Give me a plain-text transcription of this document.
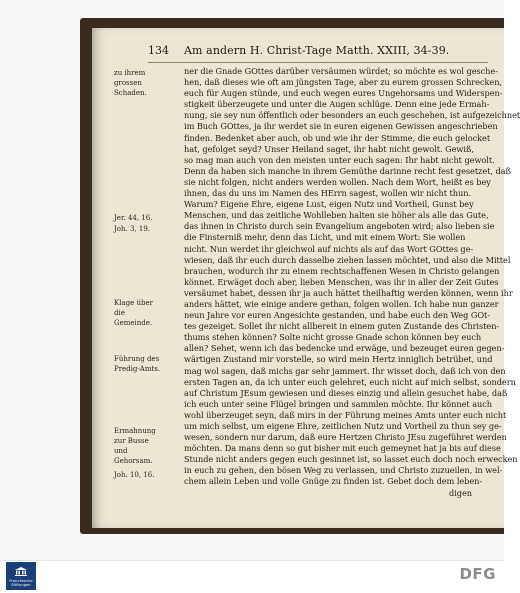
134 Am andern H. Christ-Tage Matth. XXIII, 34-39.
zu ihrem grossen Schaden.
Jer. 44, 16.
Joh. 3, 19.
Klage über die Gemeinde.
Führung des Predig-Amts.
Ermahnung zur Busse und Gehorsam.
Joh. 10, 16.
ner die Gnade GOttes darüber versäumen würdet; so möchte es wol gesche-
hen, daß dieses wie oft am jüngsten Tage, aber zu eurem grossen Schrecken,
euch für Augen stünde, und euch wegen eures Ungehorsams und Widerspen-
stigkeit überzeugete und unter die Augen schlüge. Denn eine jede Ermah-
nung, sie sey nun öffentlich oder besonders an euch geschehen, ist aufgezeichnet
im Buch GOttes, ja ihr werdet sie in euren eigenen Gewissen angeschrieben
finden. Bedenket aber auch, ob und wie ihr der Stimme, die euch gelocket
hat, gefolget seyd? Unser Heiland saget, ihr habt nicht gewolt. Gewiß,
so mag man auch von den meisten unter euch sagen: Ihr habt nicht gewolt.
Denn da haben sich manche in ihrem Gemüthe darinne recht fest gesetzet, daß
sie nicht folgen, nicht anders werden wollen. Nach dem Wort, heißt es bey
ihnen, das du uns im Namen des HErrn sagest, wollen wir nicht thun.
Warum? Eigene Ehre, eigene Lust, eigen Nutz und Vortheil, Gunst bey
Menschen, und das zeitliche Wohlleben halten sie höher als alle das Gute,
das ihnen in Christo durch sein Evangelium angeboten wird; also lieben sie
die Finsterniß mehr, denn das Licht, und mit einem Wort: Sie wollen
nicht. Nun werdet ihr gleichwol auf nichts als auf das Wort GOttes ge-
wiesen, daß ihr euch durch dasselbe ziehen lassen möchtet, und also die Mittel
brauchen, wodurch ihr zu einem rechtschaffenen Wesen in Christo gelangen
könnet. Erwäget doch aber, lieben Menschen, was ihr in aller der Zeit Gutes
versäumet habet, dessen ihr ja auch hättet theilhaftig werden können, wenn ihr
anders hättet, wie einige andere gethan, folgen wollen. Ich habe nun ganzer
neun Jahre vor euren Angesichte gestanden, und habe euch den Weg GOt-
tes gezeiget. Sollet ihr nicht allbereit in einem guten Zustande des Christen-
thums stehen können? Solte nicht grosse Gnade schon können bey euch
allen? Sehet, wenn ich das bedencke und erwäge, und bezeuget euren gegen-
wärtigen Zustand mir vorstelle, so wird mein Hertz inniglich betrübet, und
mag wol sagen, daß michs gar sehr jammert. Ihr wisset doch, daß ich von den
ersten Tagen an, da ich unter euch gelehret, euch nicht auf mich selbst, sondern
auf Christum JEsum gewiesen und dieses einzig und allein gesuchet habe, daß
ich euch unter seine Flügel bringen und sammlen möchte. Ihr könnet auch
wohl überzeuget seyn, daß mirs in der Führung meines Amts unter euch nicht
um mich selbst, um eigene Ehre, zeitlichen Nutz und Vortheil zu thun sey ge-
wesen, sondern nur darum, daß eure Hertzen Christo JEsu zugeführet werden
möchten. Da mans denn so gut bisher mit euch gemeynet hat ja bis auf diese
Stunde nicht anders gegen euch gesinnet ist, so lasset euch doch noch erwecken
in euch zu gehen, den bösen Weg zu verlassen, und Christo zuzueilen, in wel-
chem allein Leben und volle Gnüge zu finden ist. Gebet doch dem leben-
digen
Franckesche Stiftungen
DFG
